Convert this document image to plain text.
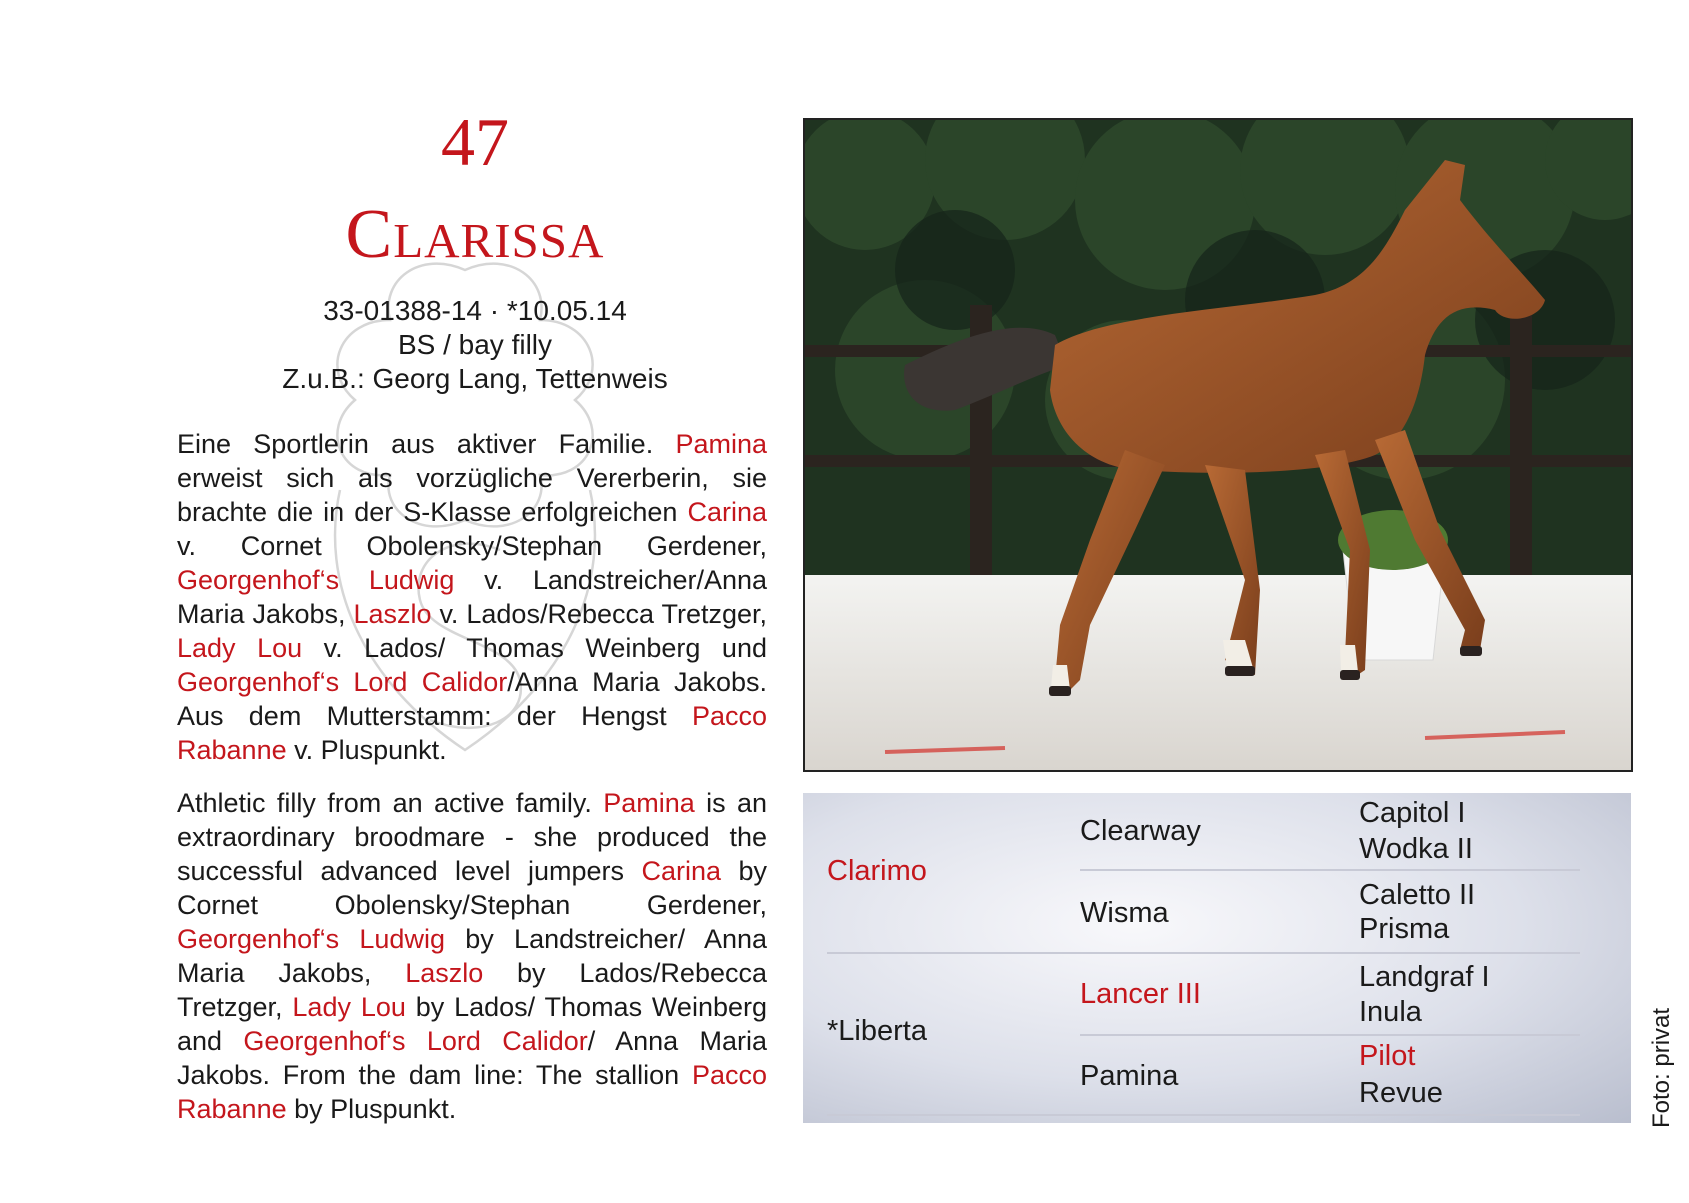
47
Clarissa
33-01388-14 · *10.05.14
BS / bay filly
Z.u.B.: Georg Lang, Tettenweis

Eine Sportlerin aus aktiver Familie. Pamina erweist sich als vorzügliche Vererberin, sie brachte die in der S-Klasse erfolgreichen Carina v. Cornet Obolensky/Stephan Gerdener, Georgenhof‘s Ludwig v. Landstreicher/Anna Maria Jakobs, Laszlo v. Lados/Rebecca Tretzger, Lady Lou v. Lados/ Thomas Weinberg und Georgenhof‘s Lord Calidor/Anna Maria Jakobs. Aus dem Mutterstamm: der Hengst Pacco Rabanne v. Pluspunkt.

Athletic filly from an active family. Pamina is an extraordinary broodmare - she produced the successful advanced level jumpers Carina by Cornet Obolensky/Stephan Gerdener, Georgenhof‘s Ludwig by Landstreicher/ Anna Maria Jakobs, Laszlo by Lados/Rebecca Tretzger, Lady Lou by Lados/ Thomas Weinberg and Georgenhof‘s Lord Calidor/ Anna Maria Jakobs. From the dam line: The stallion Pacco Rabanne by Pluspunkt.

Clarimo
*Liberta
Clearway
Wisma
Lancer III
Pamina
Capitol I
Wodka II
Caletto II
Prisma
Landgraf I
Inula
Pilot
Revue	Foto: privat
